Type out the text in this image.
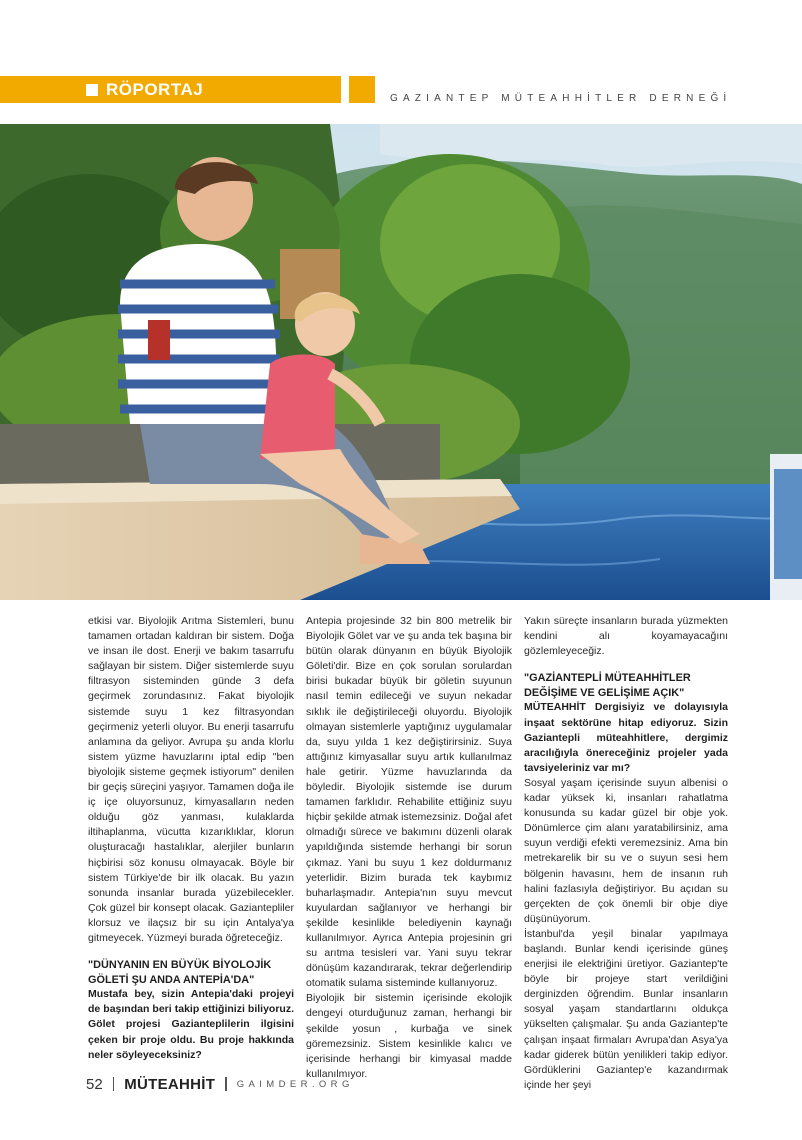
RÖPORTAJ	GAZIANTEP MÜTEAHHİTLER DERNEĞİ

etkisi var. Biyolojik Arıtma Sistemleri, bunu tamamen ortadan kaldıran bir sistem. Doğa ve insan ile dost. Enerji ve bakım tasarrufu sağlayan bir sistem. Diğer sistemlerde suyu filtrasyon sisteminden günde 3 defa geçirmek zorundasınız. Fakat biyolojik sistemde suyu 1 kez filtrasyondan geçirmeniz yeterli oluyor. Bu enerji tasarrufu anlamına da geliyor. Avrupa şu anda klorlu sistem yüzme havuzlarını iptal edip "ben biyolojik sisteme geçmek istiyorum" denilen bir geçiş süreçini yaşıyor. Tamamen doğa ile iç içe oluyorsunuz, kimyasalların neden olduğu göz yanması, kulaklarda iltihaplanma, vücutta kızarıklıklar, klorun oluşturacağı hastalıklar, alerjiler bunların hiçbirisi söz konusu olmayacak. Böyle bir sistem Türkiye'de bir ilk olacak. Bu yazın sonunda insanlar burada yüzebilecekler. Çok güzel bir konsept olacak. Gaziantepliler klorsuz ve ilaçsız bir su için Antalya'ya gitmeyecek. Yüzmeyi burada öğreteceğiz.

"DÜNYANIN EN BÜYÜK BİYOLOJİK GÖLETİ ŞU ANDA ANTEPİA'DA"

Mustafa bey, sizin Antepia'daki projeyi de başından beri takip ettiğinizi biliyoruz. Gölet projesi Gazianteplilerin ilgisini çeken bir proje oldu. Bu proje hakkında neler söyleyeceksiniz?

Antepia projesinde 32 bin 800 metrelik bir Biyolojik Gölet var ve şu anda tek başına bir bütün olarak dünyanın en büyük Biyolojik Göleti'dir. Bize en çok sorulan sorulardan birisi bukadar büyük bir göletin suyunun nasıl temin edileceği ve suyun nekadar sıklık ile değiştirileceği oluyordu. Biyolojik olmayan sistemlerle yaptığınız uygulamalar da, suyu yılda 1 kez değiştirirsiniz. Suya attığınız kimyasallar suyu artık kullanılmaz hale getirir. Yüzme havuzlarında da böyledir. Biyolojik sistemde ise durum tamamen farklıdır. Rehabilite ettiğiniz suyu hiçbir şekilde atmak istemezsiniz. Doğal afet olmadığı sürece ve bakımını düzenli olarak yapıldığında sistemde herhangi bir sorun çıkmaz. Yani bu suyu 1 kez doldurmanız yeterlidir. Bizim burada tek kaybımız buharlaşmadır. Antepia'nın suyu mevcut kuyulardan sağlanıyor ve herhangi bir şekilde kesinlikle belediyenin kaynağı kullanılmıyor. Ayrıca Antepia projesinin gri su arıtma tesisleri var. Yani suyu tekrar dönüşüm kazandırarak, tekrar değerlendirip otomatik sulama sisteminde kullanıyoruz.

Biyolojik bir sistemin içerisinde ekolojik dengeyi oturduğunuz zaman, herhangi bir şekilde yosun , kurbağa ve sinek göremezsiniz. Sistem kesinlikle kalıcı ve içerisinde herhangi bir kimyasal madde kullanılmıyor.

Yakın süreçte insanların burada yüzmekten kendini alı koyamayacağını gözlemleyeceğiz.

"GAZİANTEPLİ MÜTEAHHİTLER DEĞİŞİME VE GELİŞİME AÇIK"

MÜTEAHHİT Dergisiyiz ve dolayısıyla inşaat sektörüne hitap ediyoruz. Sizin Gaziantepli müteahhitlere, dergimiz aracılığıyla önereceğiniz projeler yada tavsiyeleriniz var mı?

Sosyal yaşam içerisinde suyun albenisi o kadar yüksek ki, insanları rahatlatma konusunda su kadar güzel bir obje yok. Dönümlerce çim alanı yaratabilirsiniz, ama suyun verdiği efekti veremezsiniz. Ama bin metrekarelik bir su ve o suyun sesi hem bölgenin havasını, hem de insanın ruh halini fazlasıyla değiştiriyor. Bu açıdan su gerçekten de çok önemli bir obje diye düşünüyorum.

İstanbul'da yeşil binalar yapılmaya başlandı. Bunlar kendi içerisinde güneş enerjisi ile elektriğini üretiyor. Gaziantep'te böyle bir projeye start verildiğini derginizden öğrendim. Bunlar insanların sosyal yaşam standartlarını oldukça yükselten çalışmalar. Şu anda Gaziantep'te çalışan inşaat firmaları Avrupa'dan Asya'ya kadar giderek bütün yenilikleri takip ediyor. Gördüklerini Gaziantep'e kazandırmak içinde her şeyi

52 MÜTEAHHİT GAIMDER.ORG
